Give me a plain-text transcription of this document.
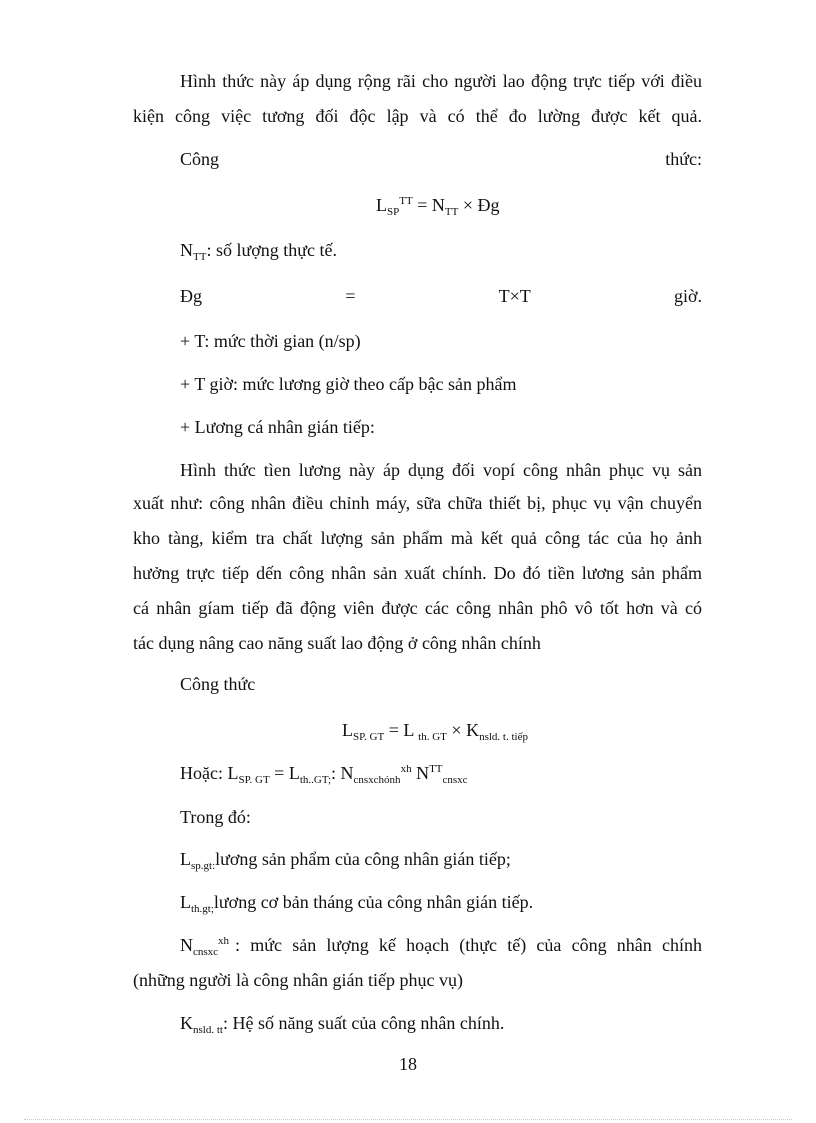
Hình thức này áp dụng rộng rãi cho người lao động trực tiếp với điều
kiện công việc tương đối độc lập và có thể đo lường được kết quả.
Công	thức:
$L_{SP}^{TT} = N_{TT}$ × Đg
$N_{TT}$: số lượng thực tế.
Đg	=	T×T	giờ.
+ T: mức thời gian (n/sp)
+ T giờ: mức lương giờ theo cấp bậc sản phẩm
+ Lương cá nhân gián tiếp:
Hình thức tìen lương này áp dụng đối vopí công nhân phục vụ sản
xuất như: công nhân điều chỉnh máy, sữa chữa thiết bị, phục vụ vận chuyển
kho tàng, kiểm tra chất lượng sản phẩm mà kết quả công tác của họ ảnh
hưởng trực tiếp dến công nhân sản xuất chính. Do đó tiền lương sản phẩm
cá nhân gíam tiếp đã động viên được các công nhân phô vô tốt hơn và có
tác dụng nâng cao năng suất lao động ở công nhân chính
Công thức
$L_{SP. GT} = L$ $_{th. GT} \times K_{nsld. t. tiếp}$
Hoặc: $L_{SP. GT} = L_{th..GT;}$: $N_{cnsxchónh}^{xh}$ $N^{TT}_{cnsxc}$
Trong đó:
$L_{sp.gt:}lương$ sản phẩm của công nhân gián tiếp;
$L_{th.gt;}lương$ cơ bản tháng của công nhân gián tiếp.
$N_{cnsxc}^{xh}$ : mức sản lượng kế hoạch (thực tế) của công nhân chính
(những người là công nhân gián tiếp phục vụ)
$K_{nsld. tt}$: Hệ số năng suất của công nhân chính.
18
